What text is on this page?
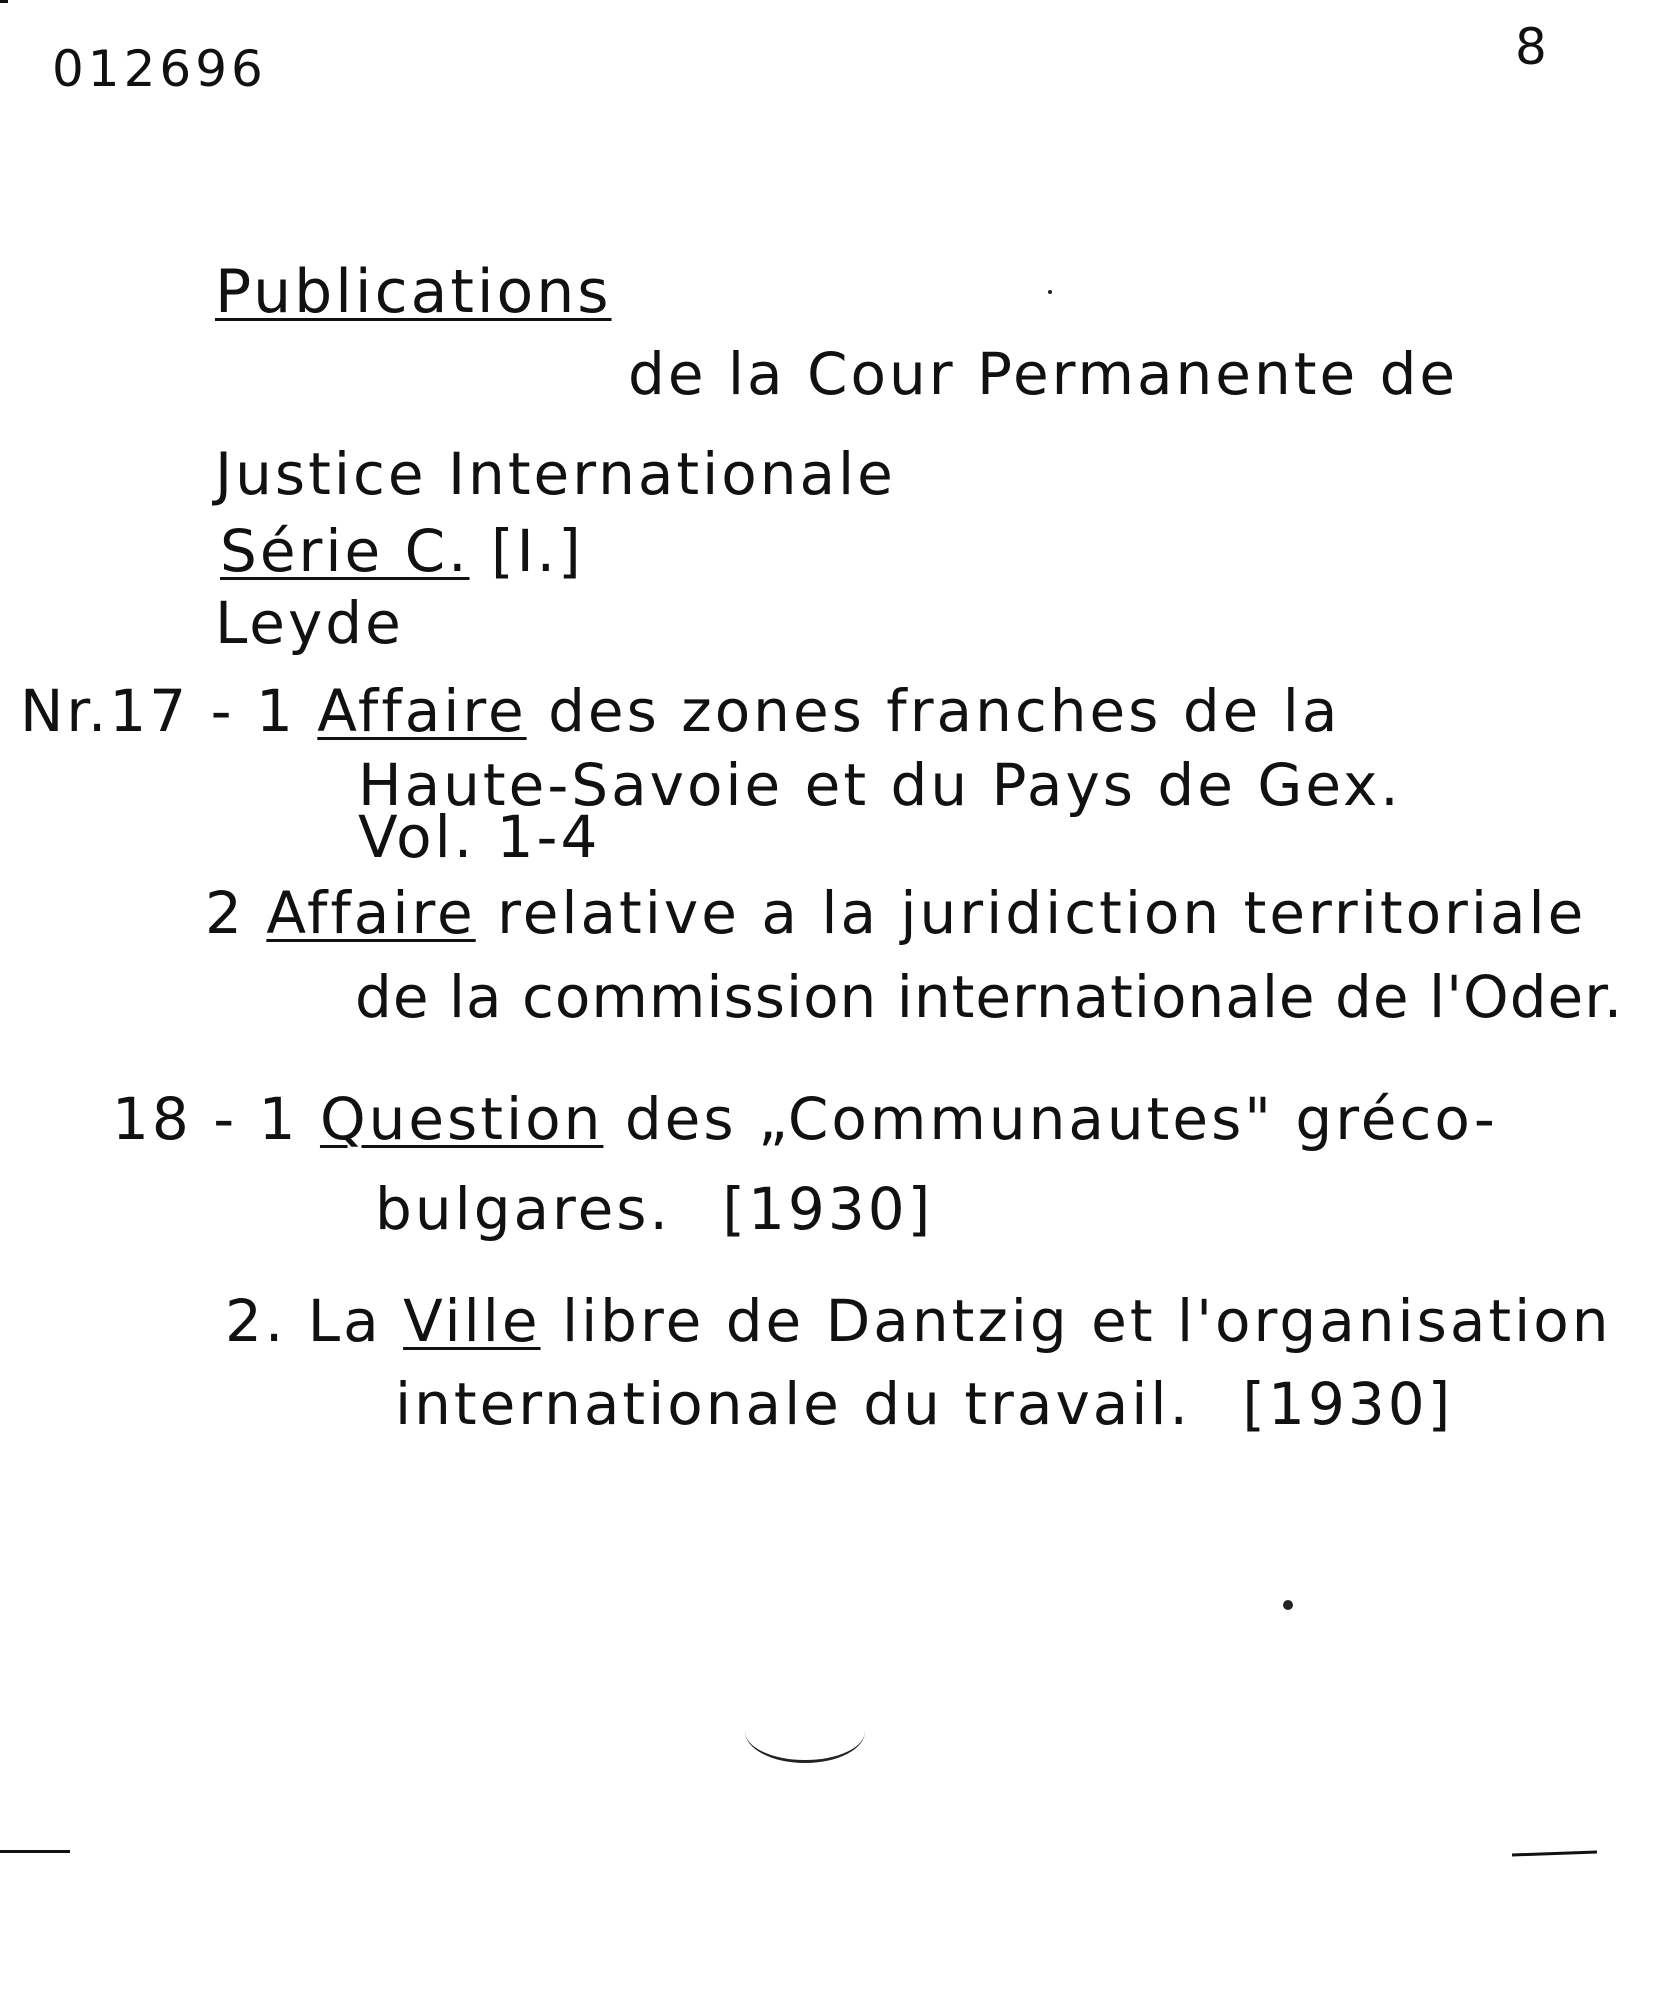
012696	8
Publications
de la Cour Permanente de
Justice Internationale
Série C. [I.]
Leyde
Nr.17 - 1 Affaire des zones franches de la
Haute-Savoie et du Pays de Gex.
Vol. 1-4
2 Affaire relative a la juridiction territoriale
de la commission internationale de l'Oder.
18 - 1 Question des „Communautes" gréco-
bulgares. [1930]
2. La Ville libre de Dantzig et l'organisation
internationale du travail. [1930]
